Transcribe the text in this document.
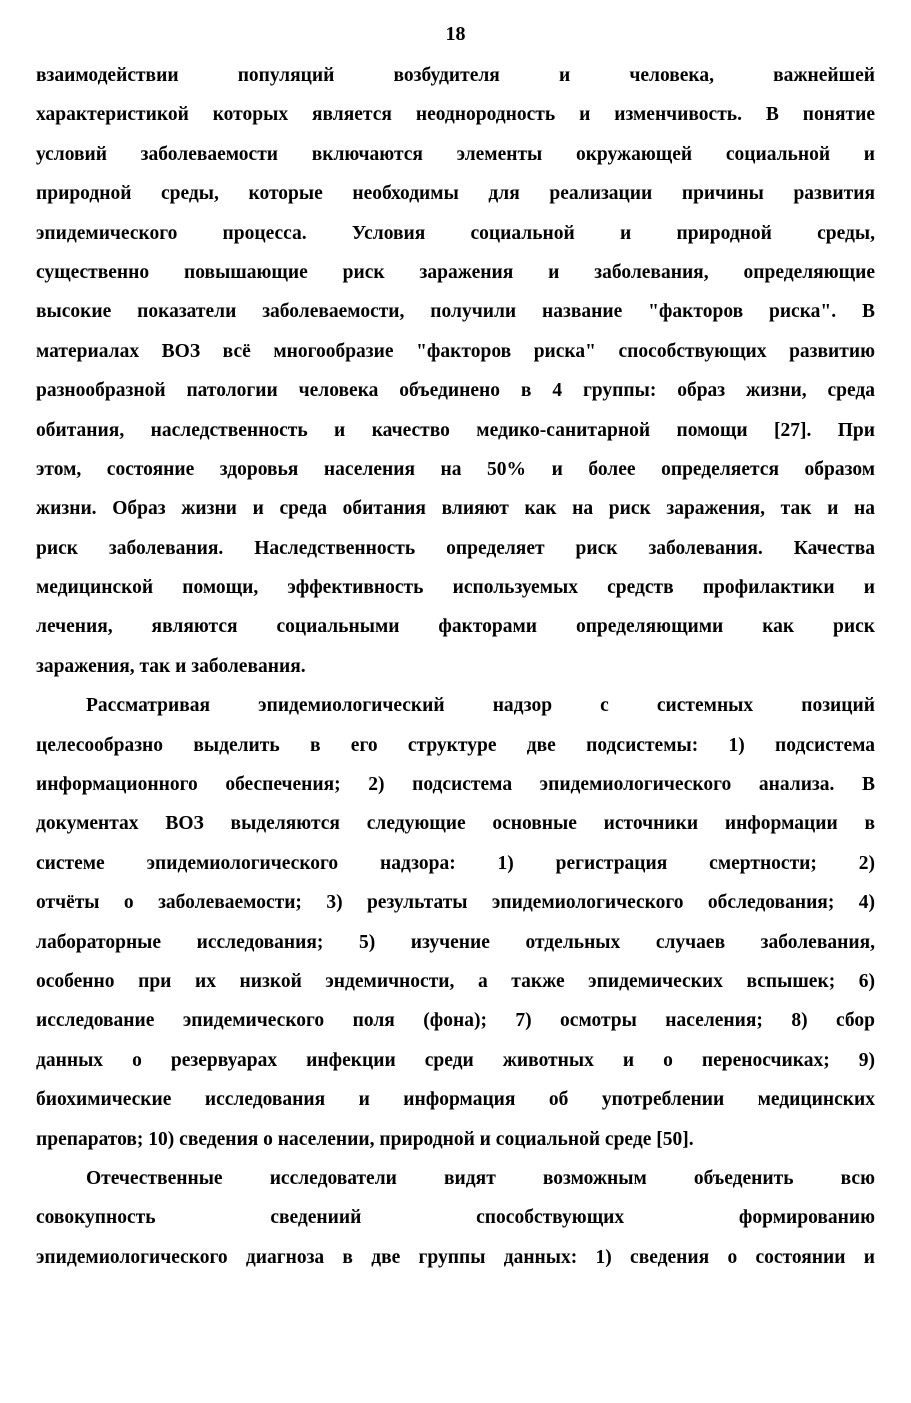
18
взаимодействии популяций возбудителя и человека, важнейшей
характеристикой которых является неоднородность и изменчивость. В понятие
условий заболеваемости включаются элементы окружающей социальной и
природной среды, которые необходимы для реализации причины развития
эпидемического процесса. Условия социальной и природной среды,
существенно повышающие риск заражения и заболевания, определяющие
высокие показатели заболеваемости, получили название "факторов риска". В
материалах ВОЗ всё многообразие "факторов риска" способствующих развитию
разнообразной патологии человека объединено в 4 группы: образ жизни, среда
обитания, наследственность и качество медико-санитарной помощи [27]. При
этом, состояние здоровья населения на 50% и более определяется образом
жизни. Образ жизни и среда обитания влияют как на риск заражения, так и на
риск заболевания. Наследственность определяет риск заболевания. Качества
медицинской помощи, эффективность используемых средств профилактики и
лечения, являются социальными факторами определяющими как риск
заражения, так и заболевания.
Рассматривая эпидемиологический надзор с системных позиций
целесообразно выделить в его структуре две подсистемы: 1) подсистема
информационного обеспечения; 2) подсистема эпидемиологического анализа. В
документах ВОЗ выделяются следующие основные источники информации в
системе эпидемиологического надзора: 1) регистрация смертности; 2)
отчёты о заболеваемости; 3) результаты эпидемиологического обследования; 4)
лабораторные исследования; 5) изучение отдельных случаев заболевания,
особенно при их низкой эндемичности, а также эпидемических вспышек; 6)
исследование эпидемического поля (фона); 7) осмотры населения; 8) сбор
данных о резервуарах инфекции среди животных и о переносчиках; 9)
биохимические исследования и информация об употреблении медицинских
препаратов; 10) сведения о населении, природной и социальной среде [50].
Отечественные исследователи видят возможным объеденить всю
совокупность сведениий способствующих формированию
эпидемиологического диагноза в две группы данных: 1) сведения о состоянии и
